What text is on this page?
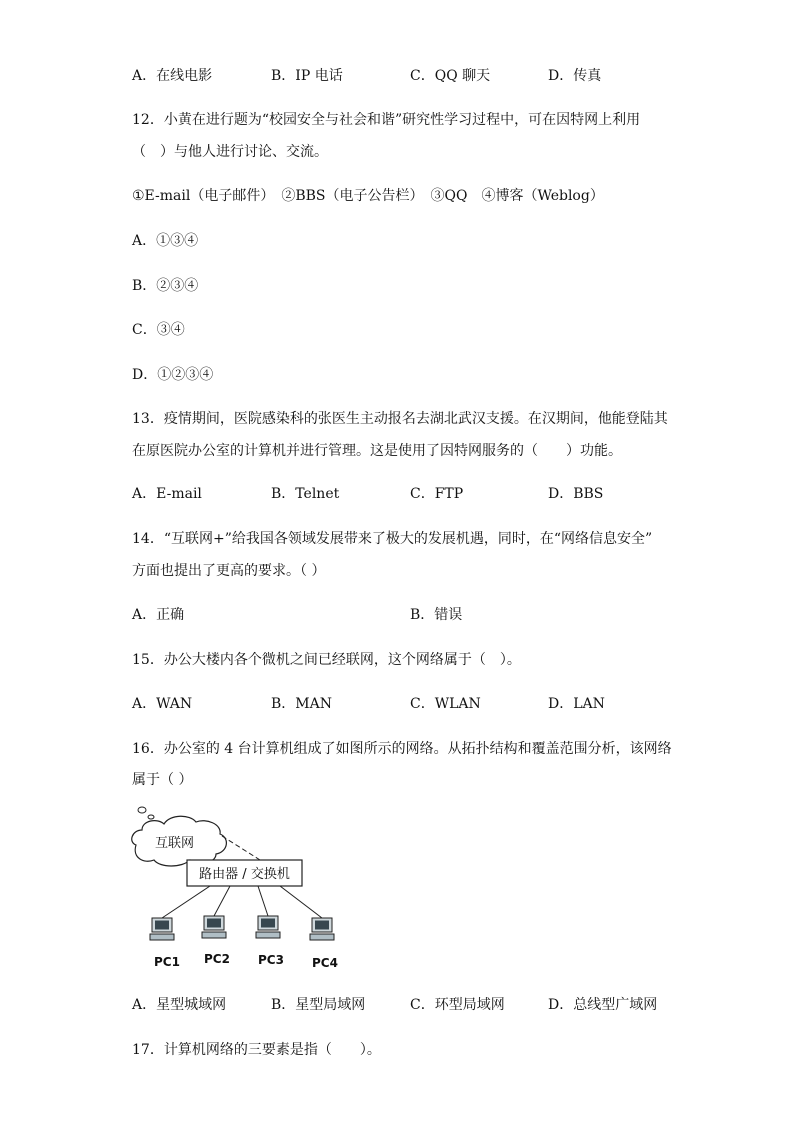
A．在线电影	B．IP 电话	C．QQ 聊天	D．传真
12．小黄在进行题为“校园安全与社会和谐”研究性学习过程中，可在因特网上利用
（　）与他人进行讨论、交流。
①E-mail（电子邮件）　②BBS（电子公告栏）　③QQ　④博客（Weblog）
A．①③④
B．②③④
C．③④
D．①②③④
13．疫情期间，医院感染科的张医生主动报名去湖北武汉支援。在汉期间，他能登陆其
在原医院办公室的计算机并进行管理。这是使用了因特网服务的（　　）功能。
A．E-mail	B．Telnet	C．FTP	D．BBS
14．“互联网+”给我国各领域发展带来了极大的发展机遇，同时，在“网络信息安全”
方面也提出了更高的要求。（ ）
A．正确	B．错误
15．办公大楼内各个微机之间已经联网，这个网络属于（　）。
A．WAN	B．MAN	C．WLAN	D．LAN
16．办公室的 4 台计算机组成了如图所示的网络。从拓扑结构和覆盖范围分析，该网络
属于（ ）
互联网
路由器 / 交换机
PC1 PC2 PC3 PC4
A．星型城域网	B．星型局域网	C．环型局域网	D．总线型广域网
17．计算机网络的三要素是指（　　）。
